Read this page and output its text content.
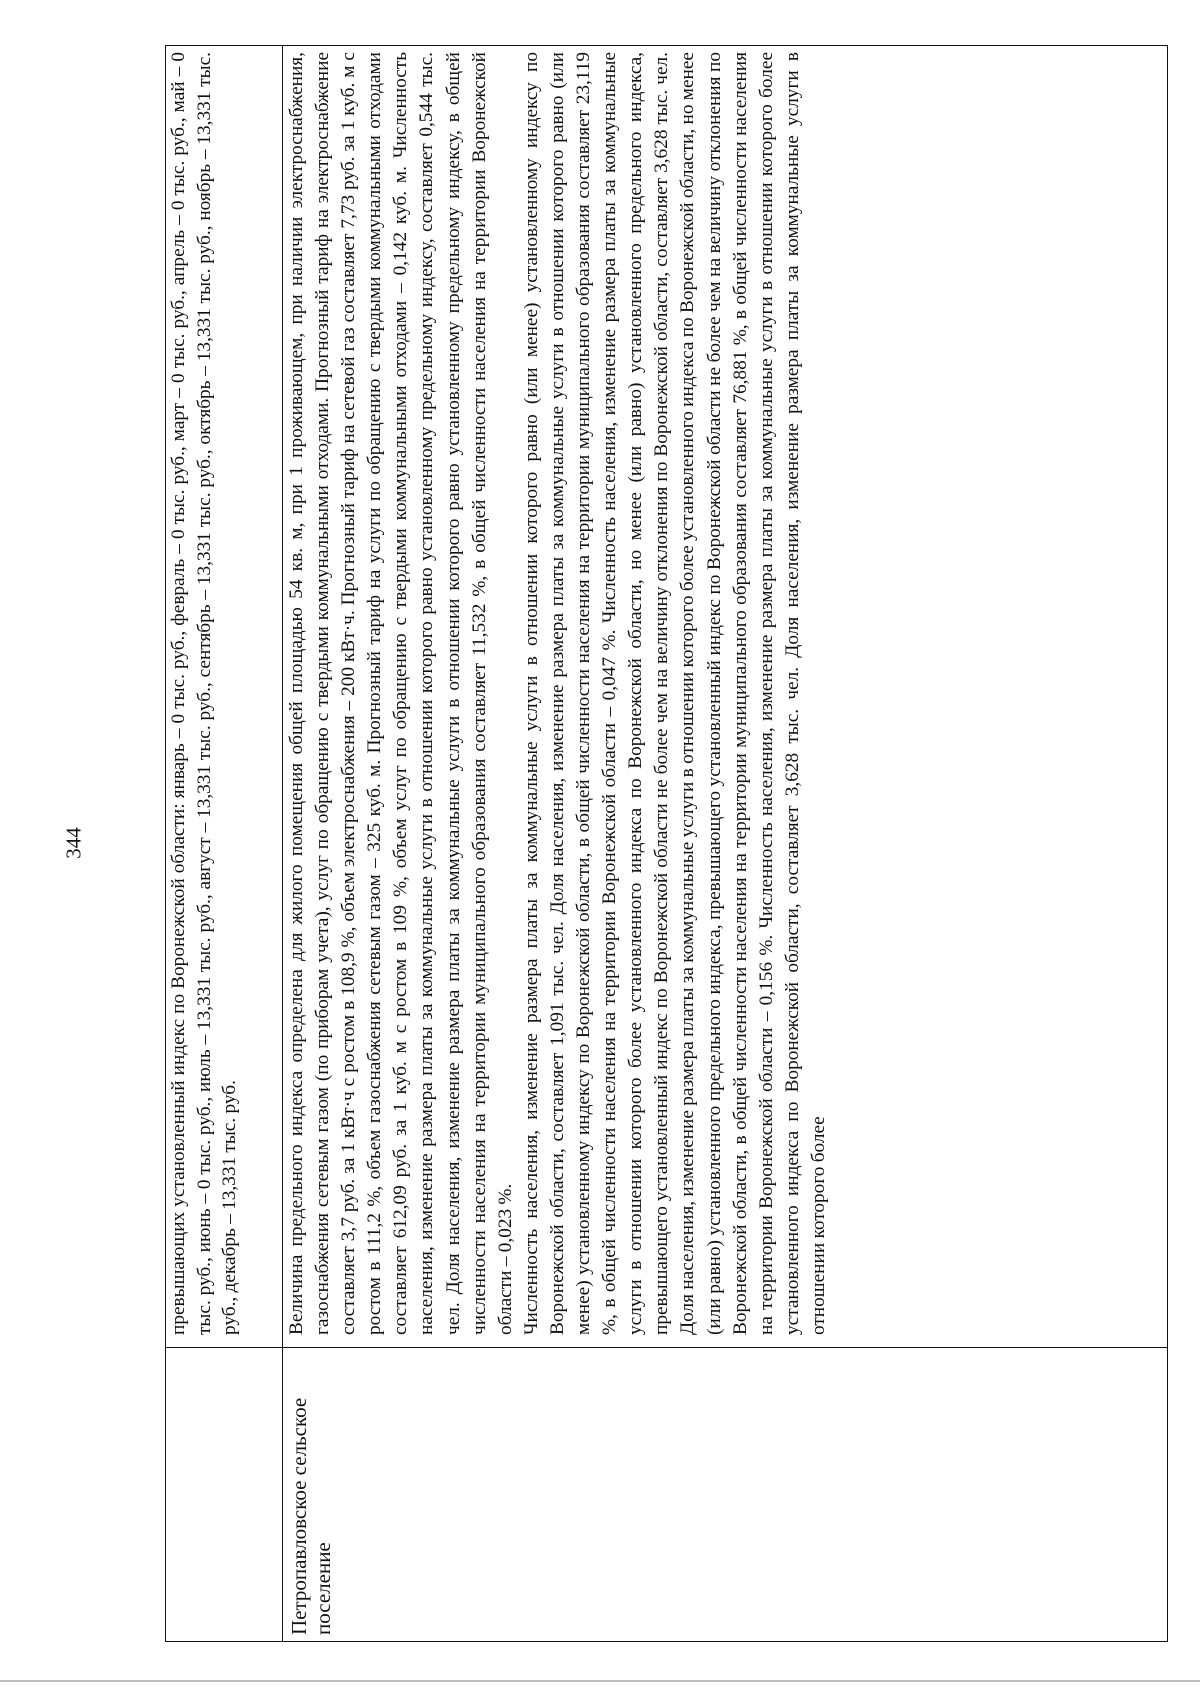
344	превышающих установленный индекс по Воронежской области: январь – 0 тыс. руб., февраль – 0 тыс. руб., март – 0 тыс. руб., апрель – 0 тыс. руб., май – 0 тыс. руб., июнь – 0 тыс. руб., июль – 13,331 тыс. руб., август – 13,331 тыс. руб., сентябрь – 13,331 тыс. руб., октябрь – 13,331 тыс. руб., ноябрь – 13,331 тыс. руб., декабрь – 13,331 тыс. руб.

Петропавловское сельское поселение

Величина предельного индекса определена для жилого помещения общей площадью 54 кв. м, при 1 проживающем, при наличии электроснабжения, газоснабжения сетевым газом (по приборам учета), услуг по обращению с твердыми коммунальными отходами. Прогнозный тариф на электроснабжение составляет 3,7 руб. за 1 кВт·ч с ростом в 108,9 %, объем электроснабжения – 200 кВт·ч. Прогнозный тариф на сетевой газ составляет 7,73 руб. за 1 куб. м с ростом в 111,2 %, объем газоснабжения сетевым газом – 325 куб. м. Прогнозный тариф на услуги по обращению с твердыми коммунальными отходами составляет 612,09 руб. за 1 куб. м с ростом в 109 %, объем услуг по обращению с твердыми коммунальными отходами – 0,142 куб. м. Численность населения, изменение размера платы за коммунальные услуги в отношении которого равно установленному предельному индексу, составляет 0,544 тыс. чел. Доля населения, изменение размера платы за коммунальные услуги в отношении которого равно установленному предельному индексу, в общей численности населения на территории муниципального образования составляет 11,532 %, в общей численности населения на территории Воронежской области – 0,023 %. Численность населения, изменение размера платы за коммунальные услуги в отношении которого равно (или менее) установленному индексу по Воронежской области, составляет 1,091 тыс. чел. Доля населения, изменение размера платы за коммунальные услуги в отношении которого равно (или менее) установленному индексу по Воронежской области, в общей численности населения на территории муниципального образования составляет 23,119 %, в общей численности населения на территории Воронежской области – 0,047 %. Численность населения, изменение размера платы за коммунальные услуги в отношении которого более установленного индекса по Воронежской области, но менее (или равно) установленного предельного индекса, превышающего установленный индекс по Воронежской области не более чем на величину отклонения по Воронежской области, составляет 3,628 тыс. чел. Доля населения, изменение размера платы за коммунальные услуги в отношении которого более установленного индекса по Воронежской области, но менее (или равно) установленного предельного индекса, превышающего установленный индекс по Воронежской области не более чем на величину отклонения по Воронежской области, в общей численности населения на территории муниципального образования составляет 76,881 %, в общей численности населения на территории Воронежской области – 0,156 %. Численность населения, изменение размера платы за коммунальные услуги в отношении которого более установленного индекса по Воронежской области, составляет 3,628 тыс. чел. Доля населения, изменение размера платы за коммунальные услуги в отношении которого более
